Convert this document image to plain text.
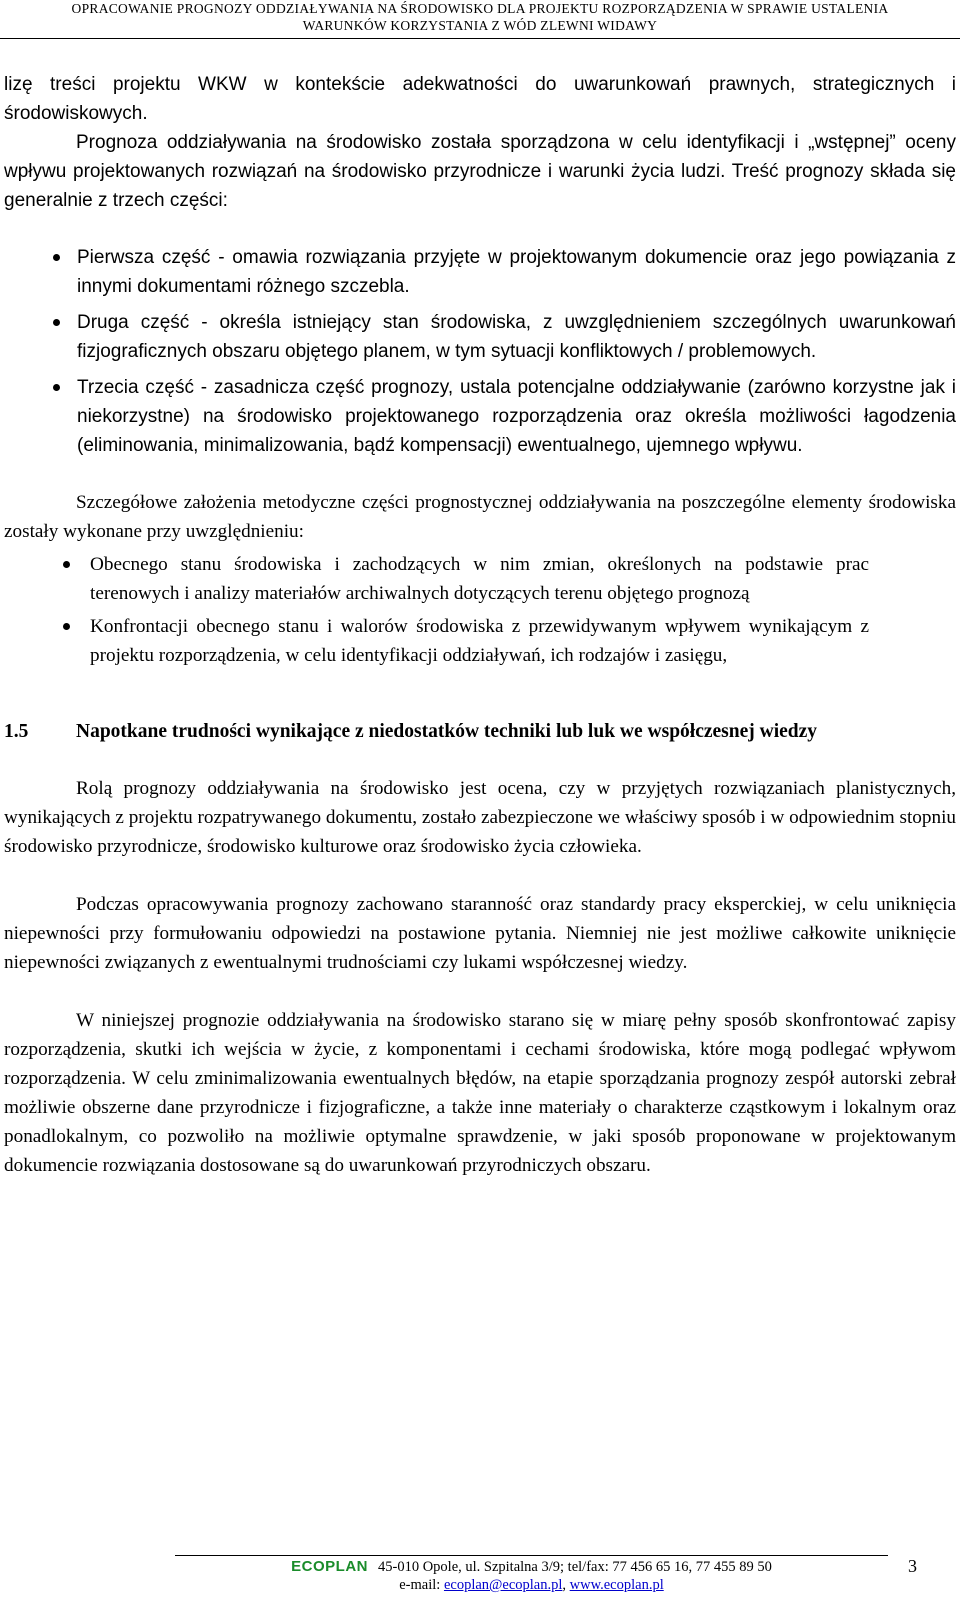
OPRACOWANIE PROGNOZY ODDZIAŁYWANIA NA ŚRODOWISKO DLA PROJEKTU ROZPORZĄDZENIA W SPRAWIE USTALENIA
WARUNKÓW KORZYSTANIA Z WÓD ZLEWNI WIDAWY

lizę treści projektu WKW w kontekście adekwatności do uwarunkowań prawnych, strategicznych i środowiskowych.

Prognoza oddziaływania na środowisko została sporządzona w celu identyfikacji i „wstępnej” oceny wpływu projektowanych rozwiązań na środowisko przyrodnicze i warunki życia ludzi. Treść prognozy składa się generalnie z trzech części:

Pierwsza część - omawia rozwiązania przyjęte w projektowanym dokumencie oraz jego powiązania z innymi dokumentami różnego szczebla.
Druga część - określa istniejący stan środowiska, z uwzględnieniem szczególnych uwarunkowań fizjograficznych obszaru objętego planem, w tym sytuacji konfliktowych / problemowych.
Trzecia część - zasadnicza część prognozy, ustala potencjalne oddziaływanie (zarówno korzystne jak i niekorzystne) na środowisko projektowanego rozporządzenia oraz określa możliwości łagodzenia (eliminowania, minimalizowania, bądź kompensacji) ewentualnego, ujemnego wpływu.

Szczegółowe założenia metodyczne części prognostycznej oddziaływania na poszczególne elementy środowiska zostały wykonane przy uwzględnieniu:

Obecnego stanu środowiska i zachodzących w nim zmian, określonych na podstawie prac terenowych i analizy materiałów archiwalnych dotyczących terenu objętego prognozą
Konfrontacji obecnego stanu i walorów środowiska z przewidywanym wpływem wynikającym z projektu rozporządzenia, w celu identyfikacji oddziaływań, ich rodzajów i zasięgu,
1.5 Napotkane trudności wynikające z niedostatków techniki lub luk we współczesnej wiedzy

Rolą prognozy oddziaływania na środowisko jest ocena, czy w przyjętych rozwiązaniach planistycznych, wynikających z projektu rozpatrywanego dokumentu, zostało zabezpieczone we właściwy sposób i w odpowiednim stopniu środowisko przyrodnicze, środowisko kulturowe oraz środowisko życia człowieka.

Podczas opracowywania prognozy zachowano staranność oraz standardy pracy eksperckiej, w celu uniknięcia niepewności przy formułowaniu odpowiedzi na postawione pytania. Niemniej nie jest możliwe całkowite uniknięcie niepewności związanych z ewentualnymi trudnościami czy lukami współczesnej wiedzy.

W niniejszej prognozie oddziaływania na środowisko starano się w miarę pełny sposób skonfrontować zapisy rozporządzenia, skutki ich wejścia w życie, z komponentami i cechami środowiska, które mogą podlegać wpływom rozporządzenia. W celu zminimalizowania ewentualnych błędów, na etapie sporządzania prognozy zespół autorski zebrał możliwie obszerne dane przyrodnicze i fizjograficzne, a także inne materiały o charakterze cząstkowym i lokalnym oraz ponadlokalnym, co pozwoliło na możliwie optymalne sprawdzenie, w jaki sposób proponowane w projektowanym dokumencie rozwiązania dostosowane są do uwarunkowań przyrodniczych obszaru.

ECOPLAN 45-010 Opole, ul. Szpitalna 3/9; tel/fax: 77 456 65 16, 77 455 89 50
e-mail: ecoplan@ecoplan.pl, www.ecoplan.pl
3
